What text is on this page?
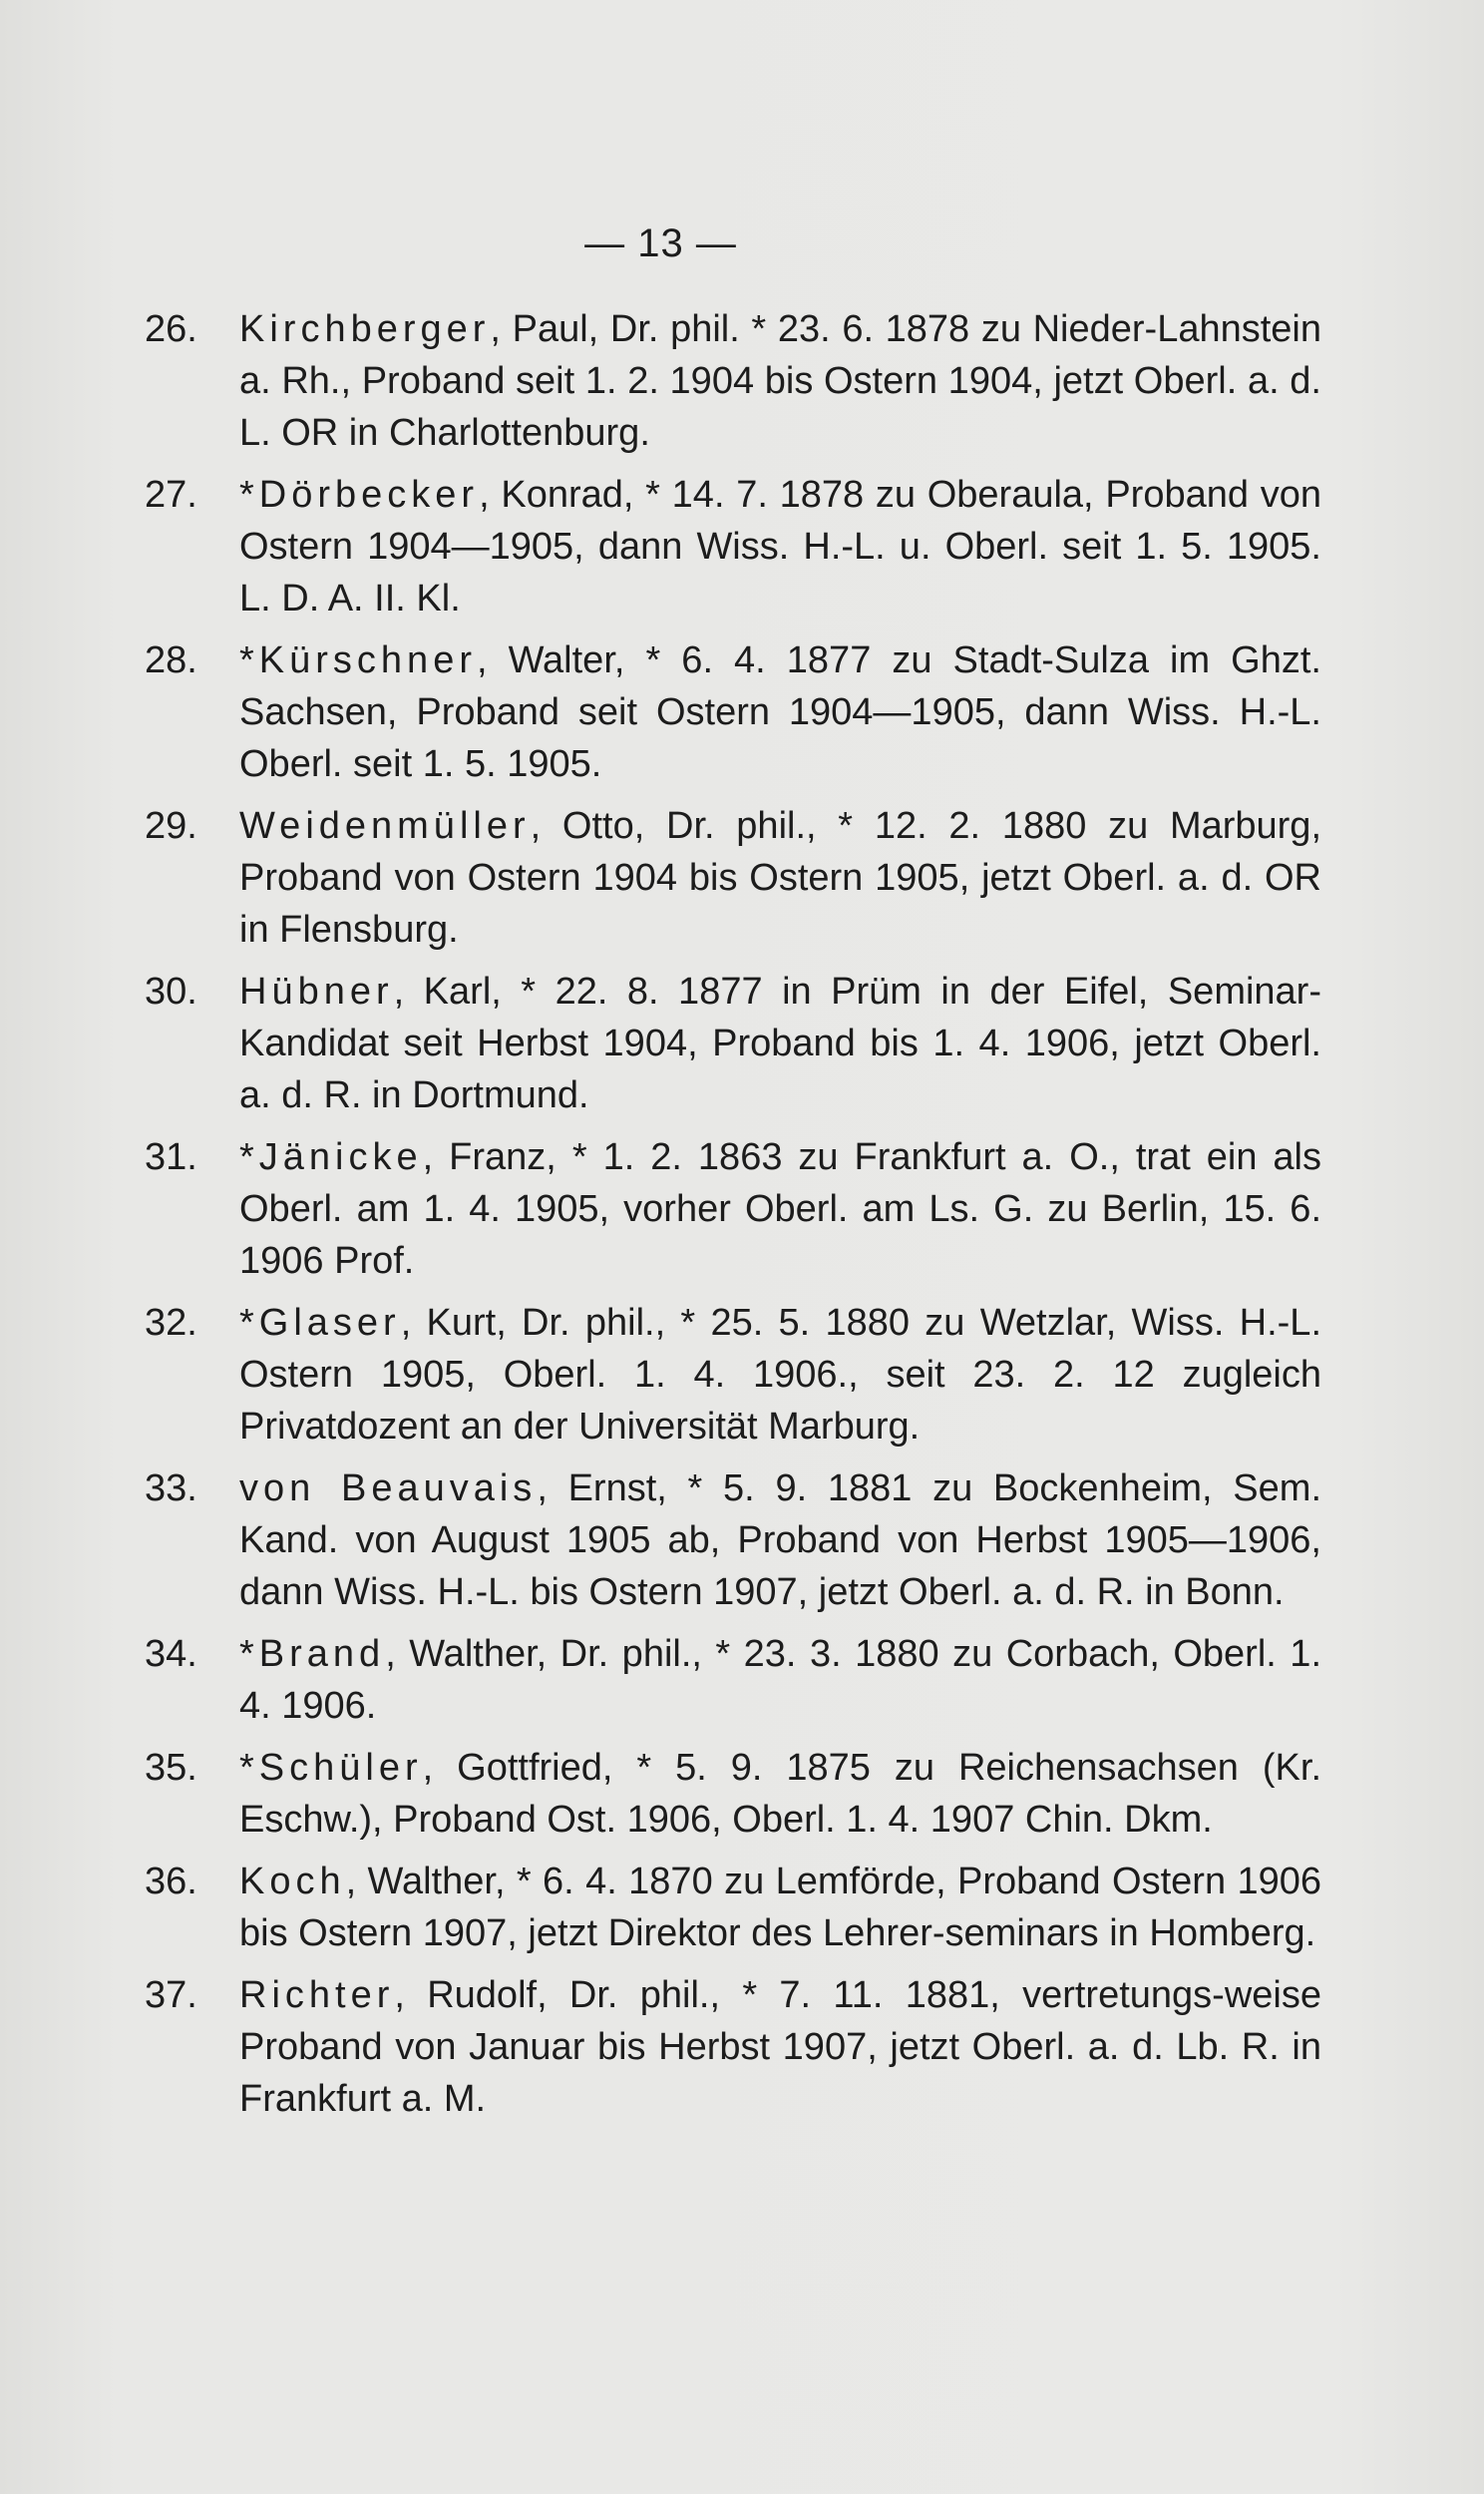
— 13 —
26.	Kirchberger, Paul, Dr. phil. * 23. 6. 1878 zu Nieder-Lahnstein a. Rh., Proband seit 1. 2. 1904 bis Ostern 1904, jetzt Oberl. a. d. L. OR in Charlottenburg.
27.	*Dörbecker, Konrad, * 14. 7. 1878 zu Oberaula, Proband von Ostern 1904—1905, dann Wiss. H.-L. u. Oberl. seit 1. 5. 1905. L. D. A. II. Kl.
28.	*Kürschner, Walter, * 6. 4. 1877 zu Stadt-Sulza im Ghzt. Sachsen, Proband seit Ostern 1904—1905, dann Wiss. H.-L. Oberl. seit 1. 5. 1905.
29.	Weidenmüller, Otto, Dr. phil., * 12. 2. 1880 zu Marburg, Proband von Ostern 1904 bis Ostern 1905, jetzt Oberl. a. d. OR in Flensburg.
30.	Hübner, Karl, * 22. 8. 1877 in Prüm in der Eifel, Seminar-Kandidat seit Herbst 1904, Proband bis 1. 4. 1906, jetzt Oberl. a. d. R. in Dortmund.
31.	*Jänicke, Franz, * 1. 2. 1863 zu Frankfurt a. O., trat ein als Oberl. am 1. 4. 1905, vorher Oberl. am Ls. G. zu Berlin, 15. 6. 1906 Prof.
32.	*Glaser, Kurt, Dr. phil., * 25. 5. 1880 zu Wetzlar, Wiss. H.-L. Ostern 1905, Oberl. 1. 4. 1906., seit 23. 2. 12 zugleich Privatdozent an der Universität Marburg.
33.	von Beauvais, Ernst, * 5. 9. 1881 zu Bockenheim, Sem. Kand. von August 1905 ab, Proband von Herbst 1905—1906, dann Wiss. H.-L. bis Ostern 1907, jetzt Oberl. a. d. R. in Bonn.
34.	*Brand, Walther, Dr. phil., * 23. 3. 1880 zu Corbach, Oberl. 1. 4. 1906.
35.	*Schüler, Gottfried, * 5. 9. 1875 zu Reichensachsen (Kr. Eschw.), Proband Ost. 1906, Oberl. 1. 4. 1907 Chin. Dkm.
36.	Koch, Walther, * 6. 4. 1870 zu Lemförde, Proband Ostern 1906 bis Ostern 1907, jetzt Direktor des Lehrer-seminars in Homberg.
37.	Richter, Rudolf, Dr. phil., * 7. 11. 1881, vertretungs-weise Proband von Januar bis Herbst 1907, jetzt Oberl. a. d. Lb. R. in Frankfurt a. M.
